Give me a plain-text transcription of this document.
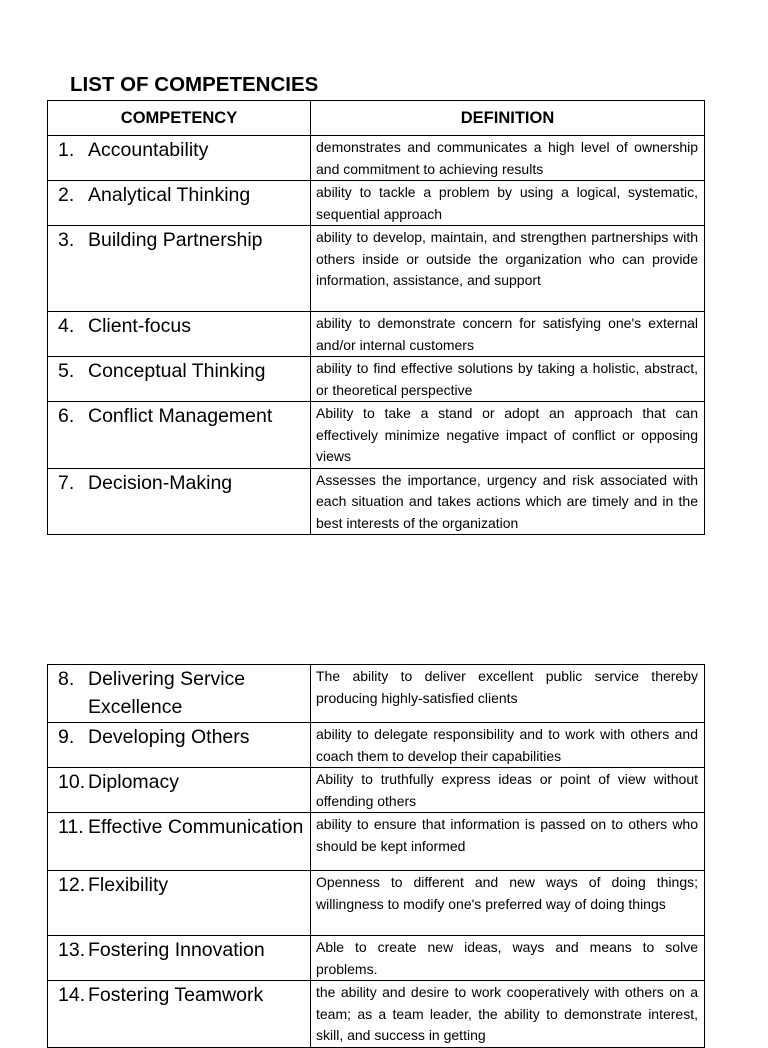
LIST OF COMPETENCIES
COMPETENCY	DEFINITION

1. Accountability	demonstrates and communicates a high level of ownership and commitment to achieving results

2. Analytical Thinking	ability to tackle a problem by using a logical, systematic, sequential approach

3. Building Partnership	ability to develop, maintain, and strengthen partnerships with others inside or outside the organization who can provide information, assistance, and support

4. Client-focus	ability to demonstrate concern for satisfying one's external and/or internal customers

5. Conceptual Thinking	ability to find effective solutions by taking a holistic, abstract, or theoretical perspective

6. Conflict Management	Ability to take a stand or adopt an approach that can effectively minimize negative impact of conflict or opposing views

7. Decision-Making	Assesses the importance, urgency and risk associated with each situation and takes actions which are timely and in the best interests of the organization
8. Delivering Service Excellence	The ability to deliver excellent public service thereby producing highly-satisfied clients

9. Developing Others	ability to delegate responsibility and to work with others and coach them to develop their capabilities

10. Diplomacy	Ability to truthfully express ideas or point of view without offending others

11. Effective Communication	ability to ensure that information is passed on to others who should be kept informed

12. Flexibility	Openness to different and new ways of doing things; willingness to modify one's preferred way of doing things

13. Fostering Innovation	Able to create new ideas, ways and means to solve problems.

14. Fostering Teamwork	the ability and desire to work cooperatively with others on a team; as a team leader, the ability to demonstrate interest, skill, and success in getting
